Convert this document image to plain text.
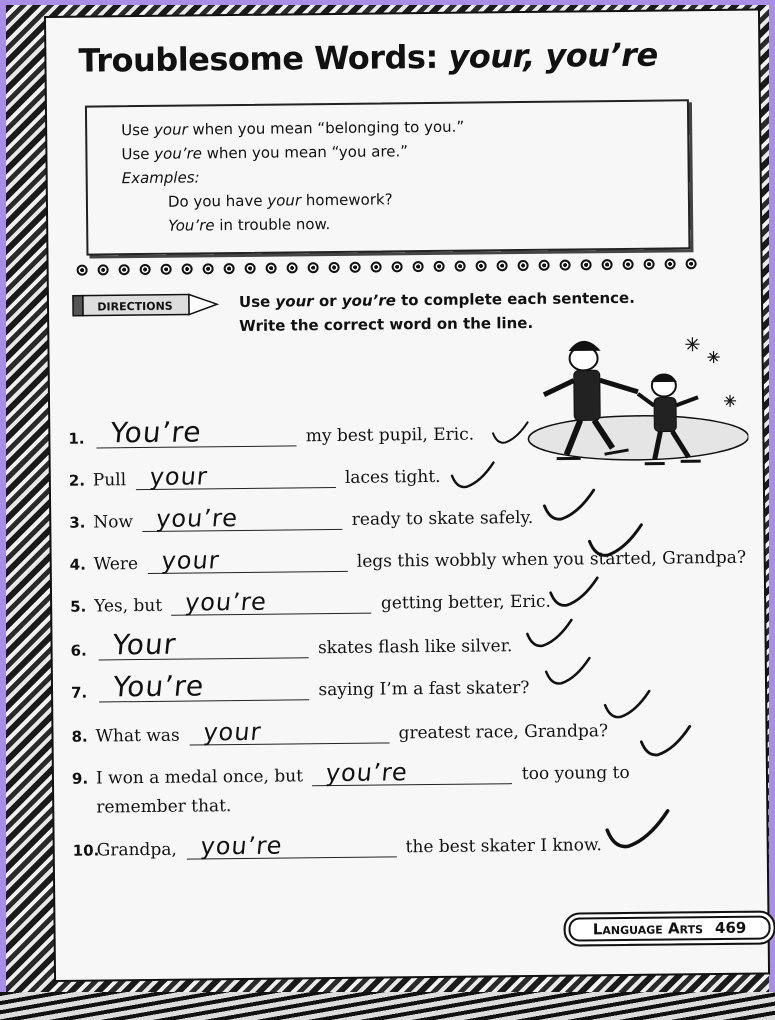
Troublesome Words: your, you’re
Use your when you mean “belonging to you.”
Use you’re when you mean “you are.”
Examples:
Do you have your homework?
You’re in trouble now.
DIRECTIONS	Use your or you’re to complete each sentence.
Write the correct word on the line.
1. You’re	my best pupil, Eric.
2. Pull your	laces tight.
3. Now you’re	ready to skate safely.
4. Were your	legs this wobbly when you started, Grandpa?
5. Yes, but you’re	getting better, Eric.
6. Your	skates flash like silver.
7. You’re	saying I’m a fast skater?
8. What was your	greatest race, Grandpa?
9. I won a medal once, but you’re	too young to
remember that.
10.Grandpa, you’re	the best skater I know.
Language Arts 469
